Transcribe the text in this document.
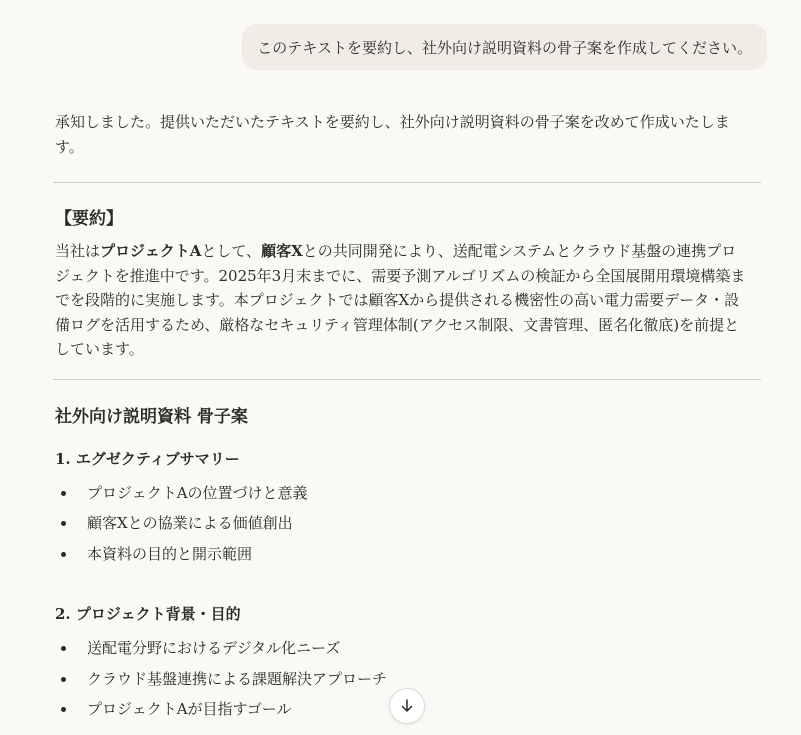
このテキストを要約し、社外向け説明資料の骨子案を作成してください。

承知しました。提供いただいたテキストを要約し、社外向け説明資料の骨子案を改めて作成いたします。

【要約】

当社はプロジェクトAとして、顧客Xとの共同開発により、送配電システムとクラウド基盤の連携プロジェクトを推進中です。2025年3月末までに、需要予測アルゴリズムの検証から全国展開用環境構築までを段階的に実施します。本プロジェクトでは顧客Xから提供される機密性の高い電力需要データ・設備ログを活用するため、厳格なセキュリティ管理体制(アクセス制限、文書管理、匿名化徹底)を前提としています。

社外向け説明資料 骨子案
1. エグゼクティブサマリー
プロジェクトAの位置づけと意義
顧客Xとの協業による価値創出
本資料の目的と開示範囲
2. プロジェクト背景・目的
送配電分野におけるデジタル化ニーズ
クラウド基盤連携による課題解決アプローチ
プロジェクトAが目指すゴール
